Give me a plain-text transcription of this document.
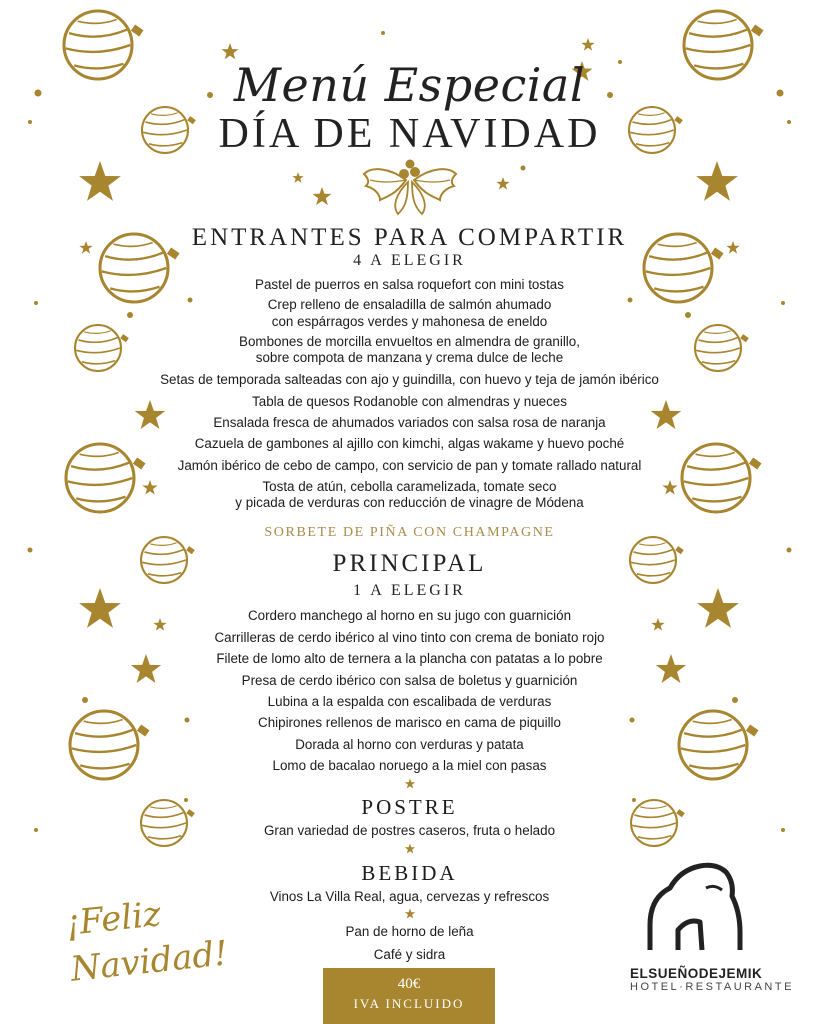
Menú Especial
DÍA DE NAVIDAD
ENTRANTES PARA COMPARTIR
4 A ELEGIR
Pastel de puerros en salsa roquefort con mini tostas
Crep relleno de ensaladilla de salmón ahumado
con espárragos verdes y mahonesa de eneldo
Bombones de morcilla envueltos en almendra de granillo,
sobre compota de manzana y crema dulce de leche
Setas de temporada salteadas con ajo y guindilla, con huevo y teja de jamón ibérico
Tabla de quesos Rodanoble con almendras y nueces
Ensalada fresca de ahumados variados con salsa rosa de naranja
Cazuela de gambones al ajillo con kimchi, algas wakame y huevo poché
Jamón ibérico de cebo de campo, con servicio de pan y tomate rallado natural
Tosta de atún, cebolla caramelizada, tomate seco
y picada de verduras con reducción de vinagre de Módena
SORBETE DE PIÑA CON CHAMPAGNE
PRINCIPAL
1 A ELEGIR
Cordero manchego al horno en su jugo con guarnición
Carrilleras de cerdo ibérico al vino tinto con crema de boniato rojo
Filete de lomo alto de ternera a la plancha con patatas a lo pobre
Presa de cerdo ibérico con salsa de boletus y guarnición
Lubina a la espalda con escalibada de verduras
Chipirones rellenos de marisco en cama de piquillo
Dorada al horno con verduras y patata
Lomo de bacalao noruego a la miel con pasas
POSTRE
Gran variedad de postres caseros, fruta o helado
BEBIDA
Vinos La Villa Real, agua, cervezas y refrescos
Pan de horno de leña
Café y sidra
40€
IVA INCLUIDO
¡Feliz
Navidad!	ELSUEÑODEJEMIK
HOTEL·RESTAURANTE
